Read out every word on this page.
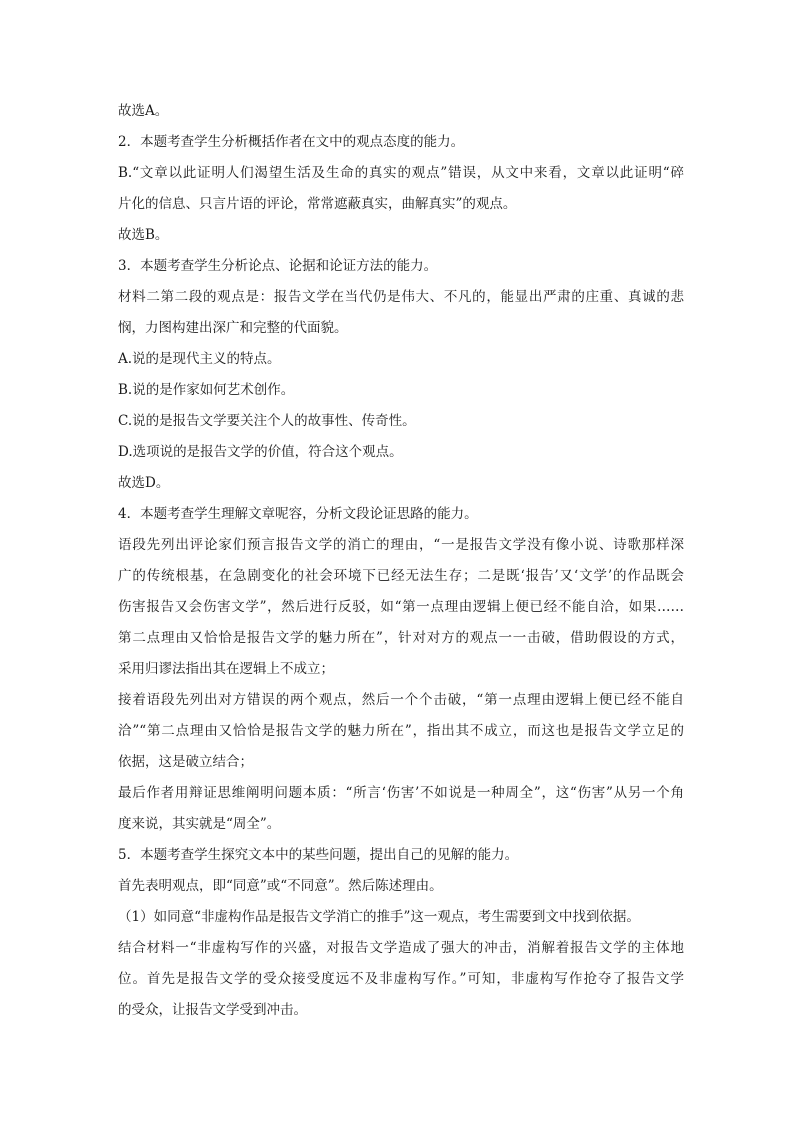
故选A。
2．本题考查学生分析概括作者在文中的观点态度的能力。
B.“文章以此证明人们渴望生活及生命的真实的观点”错误，从文中来看，文章以此证明“碎
片化的信息、只言片语的评论，常常遮蔽真实，曲解真实”的观点。
故选B。
3．本题考查学生分析论点、论据和论证方法的能力。
材料二第二段的观点是：报告文学在当代仍是伟大、不凡的，能显出严肃的庄重、真诚的悲
悯，力图构建出深广和完整的代面貌。
A.说的是现代主义的特点。
B.说的是作家如何艺术创作。
C.说的是报告文学要关注个人的故事性、传奇性。
D.选项说的是报告文学的价值，符合这个观点。
故选D。
4．本题考查学生理解文章呢容，分析文段论证思路的能力。
语段先列出评论家们预言报告文学的消亡的理由，“一是报告文学没有像小说、诗歌那样深
广的传统根基，在急剧变化的社会环境下已经无法生存；二是既‘报告’又‘文学’的作品既会
伤害报告又会伤害文学”，然后进行反驳，如“第一点理由逻辑上便已经不能自洽，如果……
第二点理由又恰恰是报告文学的魅力所在”，针对对方的观点一一击破，借助假设的方式，
采用归谬法指出其在逻辑上不成立；
接着语段先列出对方错误的两个观点，然后一个个击破，“第一点理由逻辑上便已经不能自
洽”“第二点理由又恰恰是报告文学的魅力所在”，指出其不成立，而这也是报告文学立足的
依据，这是破立结合；
最后作者用辩证思维阐明问题本质：“所言‘伤害’不如说是一种周全”，这“伤害”从另一个角
度来说，其实就是“周全”。
5．本题考查学生探究文本中的某些问题，提出自己的见解的能力。
首先表明观点，即“同意”或“不同意”。然后陈述理由。
（1）如同意“非虚构作品是报告文学消亡的推手”这一观点，考生需要到文中找到依据。
结合材料一“非虚构写作的兴盛，对报告文学造成了强大的冲击，消解着报告文学的主体地
位。首先是报告文学的受众接受度远不及非虚构写作。”可知，非虚构写作抢夺了报告文学
的受众，让报告文学受到冲击。
